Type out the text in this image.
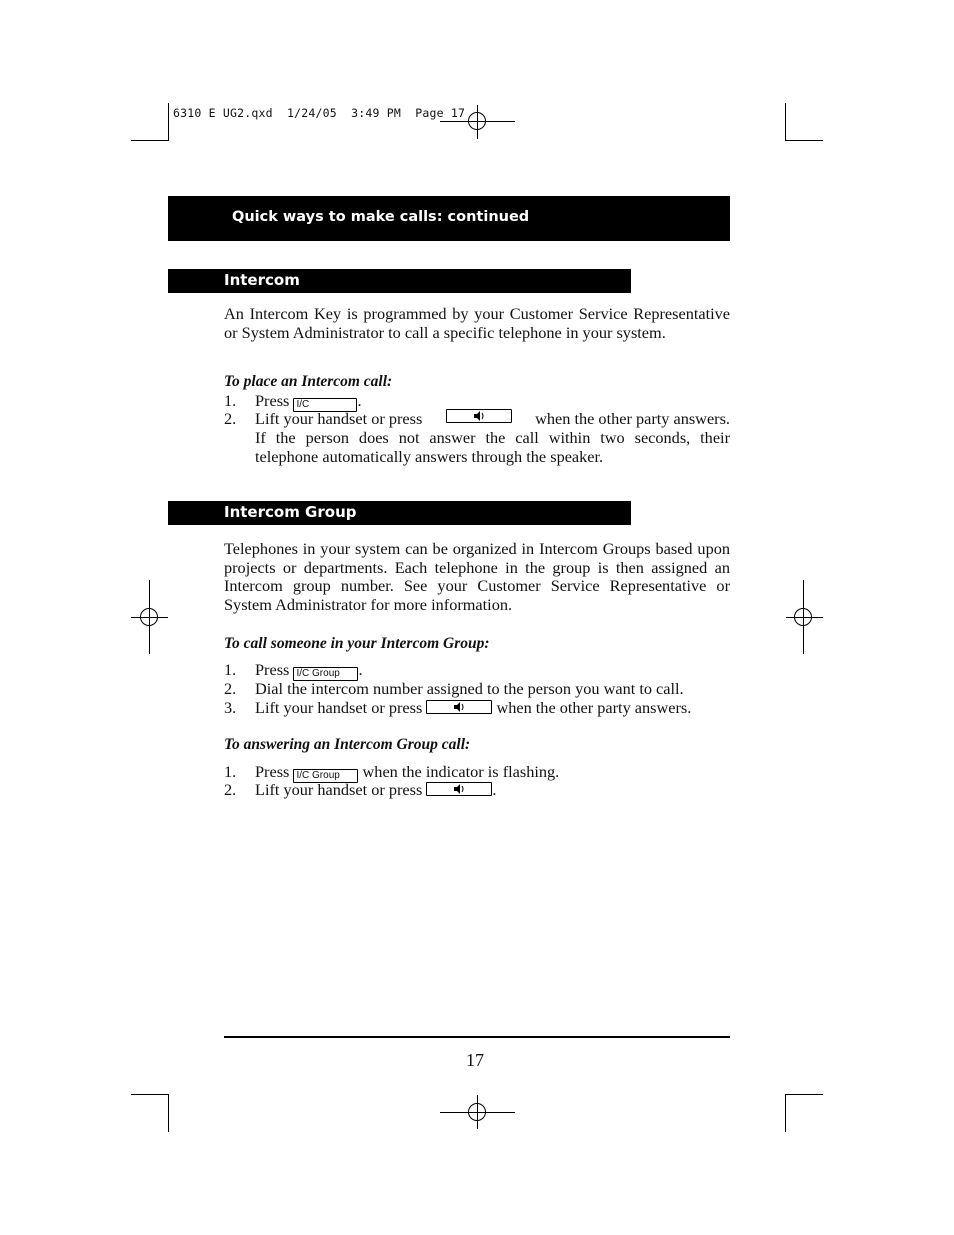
6310 E UG2.qxd  1/24/05  3:49 PM  Page 17
Quick ways to make calls: continued
Intercom
An Intercom Key is programmed by your Customer Service Representative or System Administrator to call a specific telephone in your system.
To place an Intercom call:
1. Press I/C	.
2. Lift your handset or press	when the other party answers.
If the person does not answer the call within two seconds, their
telephone automatically answers through the speaker.
Intercom Group
Telephones in your system can be organized in Intercom Groups based upon projects or departments. Each telephone in the group is then assigned an Intercom group number. See your Customer Service Representative or System Administrator for more information.
To call someone in your Intercom Group:
1. Press I/C Group .
2. Dial the intercom number assigned to the person you want to call.
3. Lift your handset or press	when the other party answers.
To answering an Intercom Group call:
1. Press I/C Group when the indicator is flashing.
2. Lift your handset or press	.
17
